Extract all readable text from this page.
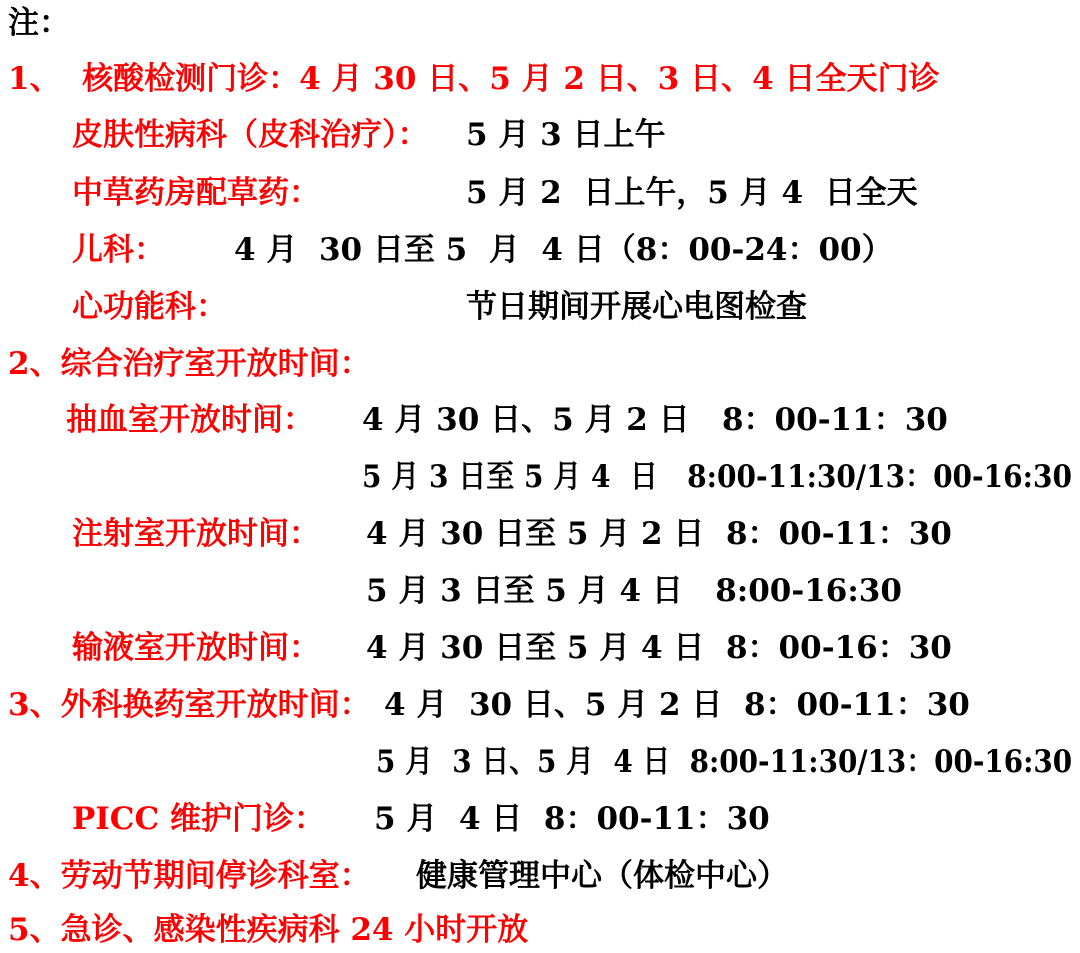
注：
1、  核酸检测门诊：4 月 30 日、5 月 2 日、3 日、4 日全天门诊
皮肤性病科（皮科治疗）： 5 月 3 日上午
中草药房配草药：	5 月 2  日上午，5 月 4  日全天
儿科： 4 月  30 日至 5  月  4 日（8：00-24：00）
心功能科：	节日期间开展心电图检查
2、综合治疗室开放时间：
抽血室开放时间： 4 月 30 日、5 月 2 日   8：00-11：30
5 月 3 日至 5 月 4  日   8:00-11:30/13：00-16:30
注射室开放时间： 4 月 30 日至 5 月 2 日  8：00-11：30
5 月 3 日至 5 月 4 日   8:00-16:30
输液室开放时间： 4 月 30 日至 5 月 4 日  8：00-16：30
3、外科换药室开放时间： 4 月  30 日、5 月 2 日  8：00-11：30
5 月  3 日、5 月  4 日  8:00-11:30/13：00-16:30
PICC 维护门诊： 5 月  4 日  8：00-11：30
4、劳动节期间停诊科室： 健康管理中心（体检中心）
5、急诊、感染性疾病科 24 小时开放
